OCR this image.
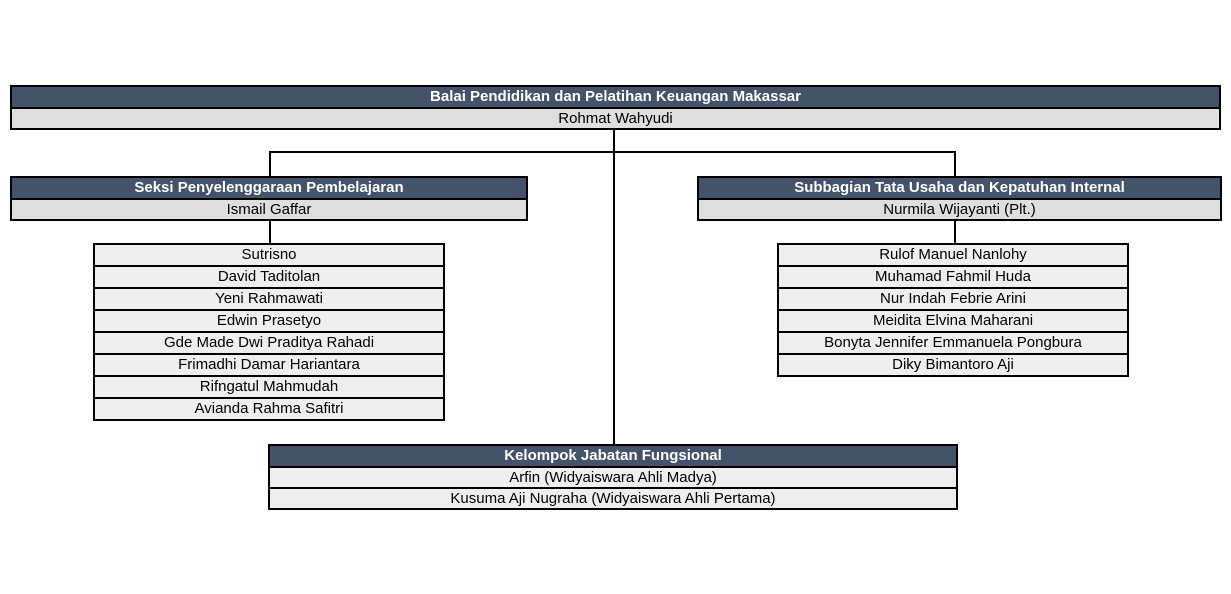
Balai Pendidikan dan Pelatihan Keuangan Makassar
Rohmat Wahyudi
Seksi Penyelenggaraan Pembelajaran
Ismail Gaffar
Subbagian Tata Usaha dan Kepatuhan Internal
Nurmila Wijayanti (Plt.)
Sutrisno
David Taditolan
Yeni Rahmawati
Edwin Prasetyo
Gde Made Dwi Praditya Rahadi
Frimadhi Damar Hariantara
Rifngatul Mahmudah
Avianda Rahma Safitri
Rulof Manuel Nanlohy
Muhamad Fahmil Huda
Nur Indah Febrie Arini
Meidita Elvina Maharani
Bonyta Jennifer Emmanuela Pongbura
Diky Bimantoro Aji
Kelompok Jabatan Fungsional
Arfin (Widyaiswara Ahli Madya)
Kusuma Aji Nugraha (Widyaiswara Ahli Pertama)
